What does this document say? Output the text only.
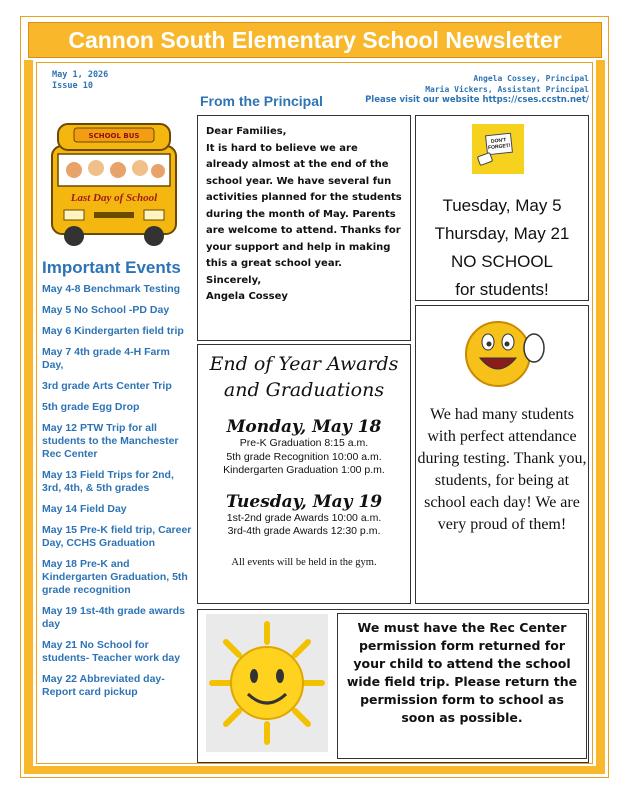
Cannon South Elementary School Newsletter
May 1, 2026
Issue 10
Angela Cossey, Principal
Maria Vickers, Assistant Principal
Please visit our website https://cses.ccstn.net/
From the Principal
SCHOOL BUS
Last Day of School
Important Events
May 4-8 Benchmark Testing
May 5 No School -PD Day
May 6 Kindergarten field trip
May 7 4th grade 4-H Farm Day,
3rd grade Arts Center Trip
5th grade Egg Drop
May 12 PTW Trip for all students to the Manchester Rec Center
May 13 Field Trips for 2nd, 3rd, 4th, & 5th grades
May 14 Field Day
May 15 Pre-K field trip, Career Day, CCHS Graduation
May 18 Pre-K and Kindergarten Graduation, 5th grade recognition
May 19 1st-4th grade awards day
May 21 No School for students- Teacher work day
May 22 Abbreviated day- Report card pickup
Dear Families,
It is hard to believe we are already almost at the end of the school year. We have several fun activities planned for the students during the month of May. Parents are welcome to attend. Thanks for your support and help in making this a great school year.
Sincerely,
Angela Cossey
DON'T FORGET!
Tuesday, May 5
Thursday, May 21
NO SCHOOL
for students!
End of Year Awards
and Graduations
Monday, May 18
Pre-K Graduation 8:15 a.m.
5th grade Recognition 10:00 a.m.
Kindergarten Graduation 1:00 p.m.
Tuesday, May 19
1st-2nd grade Awards 10:00 a.m.
3rd-4th grade Awards 12:30 p.m.
All events will be held in the gym.
We had many students with perfect attendance during testing. Thank you, students, for being at school each day! We are very proud of them!
We must have the Rec Center permission form returned for your child to attend the school wide field trip. Please return the permission form to school as soon as possible.
